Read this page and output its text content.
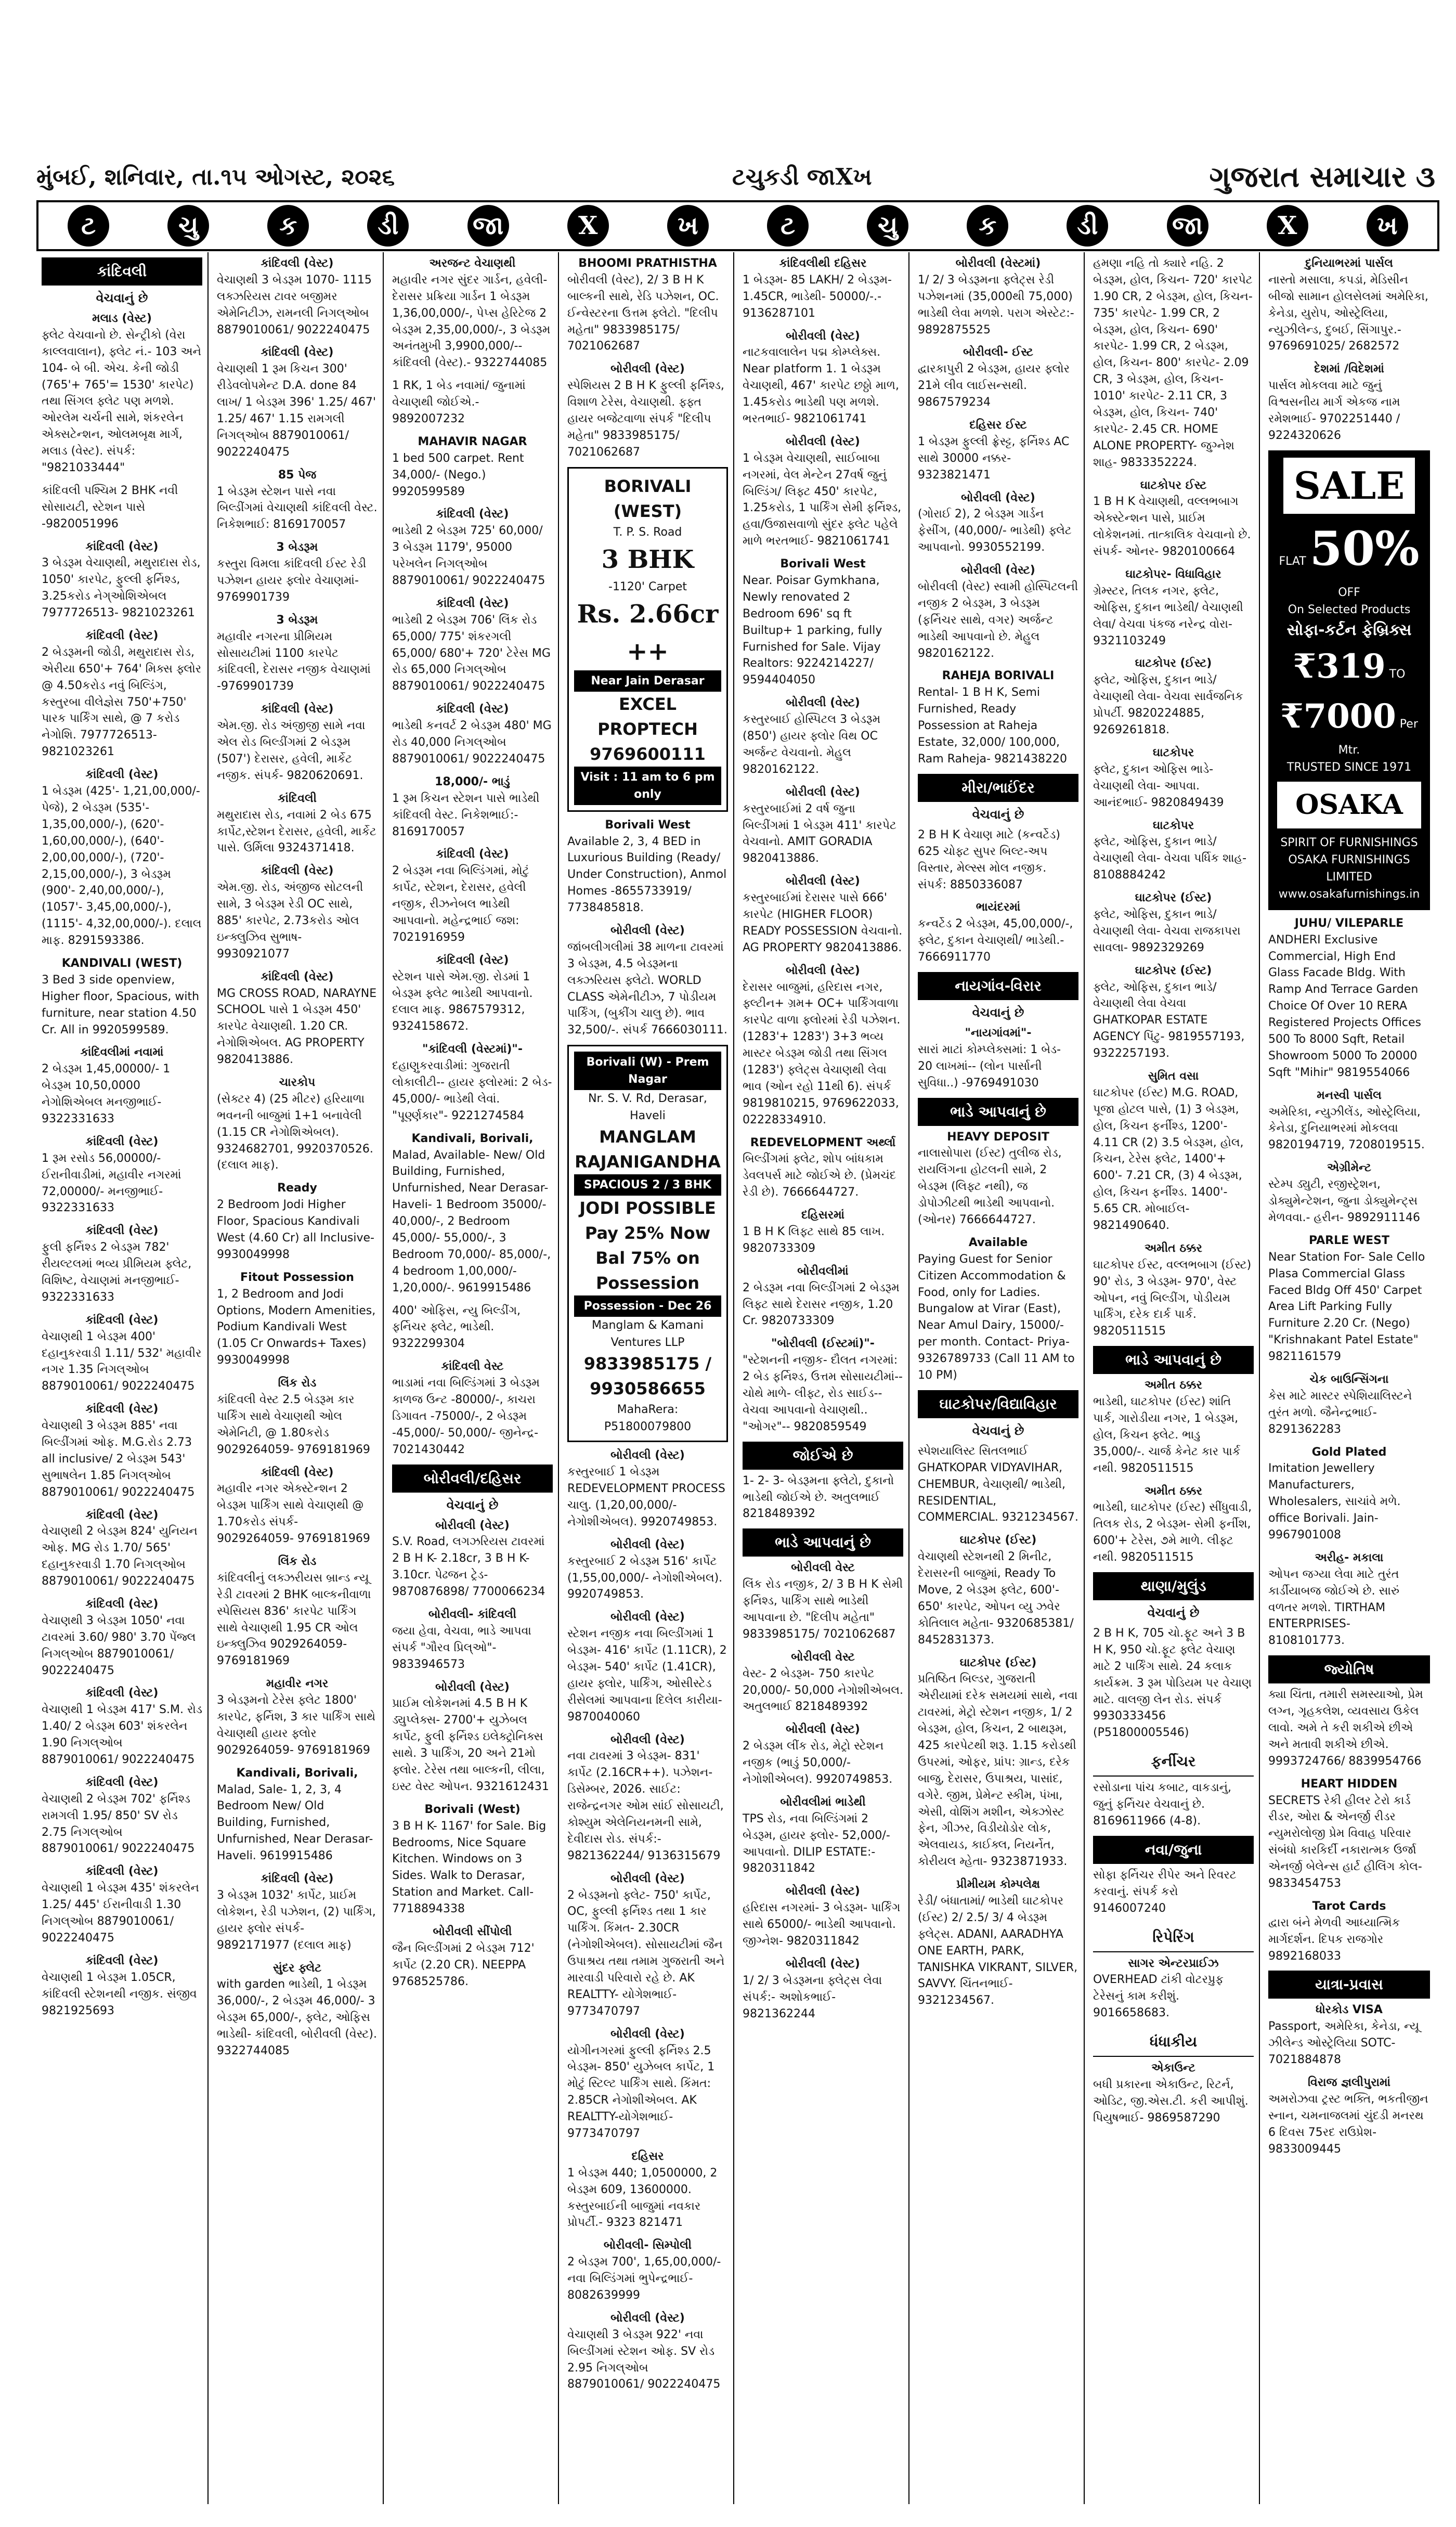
મુંબઈ, શનિવાર, તા.૧૫ ઓગસ્ટ, ૨૦૨૬	ટચુકડી જાXખ	ગુજરાત સમાચાર ૩
ટ	ચુ	ક	ડી	જા	X	ખ	ટ	ચુ	ક	ડી	જા	X	ખ
કાંદિવલી
વેચવાનું છે
મલાડ (વેસ્ટ)
ફ્લેટ વેચવાનો છે. સેન્ટ્રીકો (વેરા કાલ્લવાલાન), ફ્લેટ નં.- 103 અને 104- બે બી. એચ. કેની જોડી (765'+ 765'= 1530' કારપેટ) તથા સિંગલ ફ્લેટ પણ મળશે. ઓરલેમ ચર્ચની સામે, શંકરલેન એક્સટેન્શન, ઓલમબૃક્ષ માર્ગ, મલાડ (વેસ્ટ). સંપર્ક: "9821033444"
કાંદિવલી પશ્ચિમ 2 BHK નવી સોસાયટી, સ્ટેશન પાસે -9820051996
કાંદિવલી (વેસ્ટ)
3 બેડરૂમ વેચાણથી, મથુરાદાસ રોડ, 1050' કારપેટ, ફુલ્લી ફર્નિશ્ડ, 3.25કરોડ નેગ્ઓશિએબલ 7977726513- 9821023261
કાંદિવલી (વેસ્ટ)
2 બેડરૂમની જોડી, મથુરાદાસ રોડ, એરીયા 650'+ 764' મિક્સ ફ્લોર @ 4.50કરોડ નવું બિલ્ડિંગ, કસ્તુરબા વીલેજ્ઞેસ 750'+750' પારક પાર્કિંગ સાથે, @ 7 કરોડ નેગોશિ. 7977726513- 9821023261
કાંદિવલી (વેસ્ટ)
1 બેડરૂમ (425'- 1,21,00,000/- પેજે), 2 બેડરૂમ (535'- 1,35,00,000/-), (620'- 1,60,00,000/-), (640'- 2,00,00,000/-), (720'- 2,15,00,000/-), 3 બેડરૂમ (900'- 2,40,00,000/-), (1057'- 3,45,00,000/-), (1115'- 4,32,00,000/-). દલાલ માફ. 8291593386.
KANDIVALI (WEST)
3 Bed 3 side openview, Higher floor, Spacious, with furniture, near station 4.50 Cr. All in 9920599589.
કાંદિવલીમાં નવામાં
2 બેડરૂમ 1,45,00000/- 1 બેડરૂમ 10,50,0000 નેગોશિએબલ મનજીભાઈ- 9322331633
કાંદિવલી (વેસ્ટ)
1 રૂમ રસોડ 56,00000/- ઈરાનીવાડીમાં, મહાવીર નગરમાં 72,00000/- મનજીભાઈ- 9322331633
કાંદિવલી (વેસ્ટ)
ફુલી ફર્નિશ્ડ 2 બેડરૂમ 782' રીયલ્ટલમાં ભવ્ય પ્રીમિયમ ફ્લેટ, વિશિષ્ટ, વેચાણમાં મનજીભાઈ- 9322331633
કાંદિવલી (વેસ્ટ)
વેચાણથી 1 બેડરૂમ 400' દહાનુકરવાડી 1.11/ 532' મહાવીર નગર 1.35 નિગલ્ઓબ 8879010061/ 9022240475
કાંદિવલી (વેસ્ટ)
વેચાણથી 3 બેડરૂમ 885' નવા બિલ્ડીંગમાં ઓફ. M.G.રોડ 2.73 all inclusive/ 2 બેડરૂમ 543' સુભાષલેન 1.85 નિગલ્ઓબ 8879010061/ 9022240475
કાંદિવલી (વેસ્ટ)
વેચાણથી 2 બેડરૂમ 824' યુનિયન ઓફ. MG રોડ 1.70/ 565' દહાનુકરવાડી 1.70 નિગલ્ઓબ 8879010061/ 9022240475
કાંદિવલી (વેસ્ટ)
વેચાણથી 3 બેડરૂમ 1050' નવા ટાવરમાં 3.60/ 980' 3.70 પેંજ્લ નિગલ્ઓબ 8879010061/ 9022240475
કાંદિવલી (વેસ્ટ)
વેચાણથી 1 બેડરૂમ 417' S.M. રોડ 1.40/ 2 બેડરૂમ 603' શંકરલેન 1.90 નિગલ્ઓબ 8879010061/ 9022240475
કાંદિવલી (વેસ્ટ)
વેચાણથી 2 બેડરૂમ 702' ફર્નિશ્ડ રામગલી 1.95/ 850' SV રોડ 2.75 નિગલ્ઓબ 8879010061/ 9022240475
કાંદિવલી (વેસ્ટ)
વેચાણથી 1 બેડરૂમ 435' શંકરલેન 1.25/ 445' ઈરાનીવાડી 1.30 નિગલ્ઓબ 8879010061/ 9022240475
કાંદિવલી (વેસ્ટ)
વેચાણથી 1 બેડરૂમ 1.05CR, કાંદિવલી સ્ટેશનથી નજીક. સંજીવ 9821925693
કાંદિવલી (વેસ્ટ)
વેચાણથી 3 બેડરૂમ 1070- 1115 લક્ઝરિયસ ટાવર બજીમર એમેનિટીઝ, રામનલી નિગલ્ઓબ 8879010061/ 9022240475
કાંદિવલી (વેસ્ટ)
વેચાણથી 1 રૂમ કિચન 300' રીડેવલોપમેન્ટ D.A. done 84 લાખ/ 1 બેડરૂમ 396' 1.25/ 467' 1.25/ 467' 1.15 રામગલી નિગલ્ઓબ 8879010061/ 9022240475
85 પેજ
1 બેડરૂમ સ્ટેશન પાસે નવા બિલ્ડીંગમાં વેચાણથી કાંદિવલી વેસ્ટ. નિકેશભાઈ: 8169170057
3 બેડરૂમ
કસ્તુરા વિમલા કાંદિવલી ઈસ્ટ રેડી પઝેશન હાયર ફ્લોર વેચાણમાં- 9769901739
3 બેડરૂમ
મહાવીર નગરના પ્રીમિયમ સોસાયટીમાં 1100 કારપેટ કાંદિવલી, દેરાસર નજીક વેચાણમાં -9769901739
કાંદિવલી (વેસ્ટ)
એમ.જી. રોડ અંજીજી સામે નવા એલ રોડ બિલ્ડીંગમાં 2 બેડરૂમ (507') દેરાસર, હવેલી, માર્કેટ નજીક. સંપર્ક- 9820620691.
કાંદિવલી
મથુરાદાસ રોડ, નવામાં 2 બેડ 675 કાર્પેટ,સ્ટેશન દેરાસર, હવેલી, માર્કેટ પાસે. ઉર્મિલા 9324371418.
કાંદિવલી (વેસ્ટ)
એમ.જી. રોડ, અંજીજ સોટલની સામે, 3 બેડરૂમ રેડી OC સાથે, 885' કારપેટ, 2.73કરોડ ઓલ ઇન્ક્લુઝિવ સુભાષ- 9930921077
કાંદિવલી (વેસ્ટ)
MG CROSS ROAD, NARAYNE SCHOOL પાસે 1 બેડરૂમ 450' કારપેટ વેચાણથી. 1.20 CR. નેગોશિએબલ. AG PROPERTY 9820413886.
ચારકોપ
(સેક્ટર 4) (25 મીટર) હરિયાળા ભવનની બાજુમાં 1+1 બનાવેલી (1.15 CR નેગોશિએબલ). 9324682701, 9920370526. (દલાલ માફ).
Ready
2 Bedroom Jodi Higher Floor, Spacious Kandivali West (4.60 Cr) all Inclusive- 9930049998
Fitout Possession
1, 2 Bedroom and Jodi Options, Modern Amenities, Podium Kandivali West (1.05 Cr Onwards+ Taxes) 9930049998
લિંક રોડ
કાંદિવલી વેસ્ટ 2.5 બેડરૂમ કાર પાર્કિંગ સાથે વેચાણથી ઓલ એમેનિટી, @ 1.80કરોડ 9029264059- 9769181969
કાંદિવલી (વેસ્ટ)
મહાવીર નગર એક્સ્ટેન્શન 2 બેડરૂમ પાર્કિંગ સાથે વેચાણથી @ 1.70કરોડ સંપર્ક- 9029264059- 9769181969
લિંક રોડ
કાંદિવલીનું લક્ઝરીયસ બ્રાન્ડ ન્યૂ રેડી ટાવરમાં 2 BHK બાલ્કનીવાળા સ્પેસિયસ 836' કારપેટ પાર્કિંગ સાથે વેચાણથી 1.95 CR ઓલ ઇન્ક્લુઝિવ 9029264059- 9769181969
મહાવીર નગર
3 બેડરૂમનો ટેરેસ ફ્લેટ 1800' કારપેટ, ફર્નિશ, 3 કાર પાર્કિંગ સાથે વેચાણથી હાયર ફ્લોર 9029264059- 9769181969
Kandivali, Borivali,
Malad, Sale- 1, 2, 3, 4 Bedroom New/ Old Building, Furnished, Unfurnished, Near Derasar- Haveli. 9619915486
કાંદિવલી (વેસ્ટ)
3 બેડરૂમ 1032' કાર્પેટ, પ્રાઈમ લોકેશન, રેડી પઝેશન, (2) પાર્કિંગ, હાયર ફ્લોર સંપર્ક- 9892171977 (દલાલ માફ)
સુંદર ફ્લેટ
with garden ભાડેથી, 1 બેડરૂમ 36,000/-, 2 બેડરૂમ 46,000/- 3 બેડરૂમ 65,000/-, ફ્લેટ, ઓફિસ ભાડેથી- કાંદિવલી, બોરીવલી (વેસ્ટ). 9322744085
અરજન્ટ વેચાણથી
મહાવીર નગર સુંદર ગાર્ડન, હવેલી- દેરાસર પ્રક્રિયા ગાર્ડન 1 બેડરૂમ 1,36,00,000/-, પેપ્સ હેરિટેજ 2 બેડરૂમ 2,35,00,000/-, 3 બેડરૂમ અનંતમુખી 3,9900,000/-- કાંદિવલી (વેસ્ટ).- 9322744085
1 RK, 1 બેડ નવામાં/ જુનામાં વેચાણથી જોઈએ.- 9892007232
MAHAVIR NAGAR
1 bed 500 carpet. Rent 34,000/- (Nego.) 9920599589
કાંદિવલી (વેસ્ટ)
ભાડેથી 2 બેડરૂમ 725' 60,000/ 3 બેડરૂમ 1179', 95000 પરેખલેન નિગલ્ઓબ 8879010061/ 9022240475
કાંદિવલી (વેસ્ટ)
ભાડેથી 2 બેડરૂમ 706' લિંક રોડ 65,000/ 775' શંકરગલી 65,000/ 680'+ 720' ટેરેસ MG રોડ 65,000 નિગલ્ઓબ 8879010061/ 9022240475
કાંદિવલી (વેસ્ટ)
ભાડેથી કનવર્ટ 2 બેડરૂમ 480' MG રોડ 40,000 નિગલ્ઓબ 8879010061/ 9022240475
18,000/- ભાડું
1 રૂમ કિચન સ્ટેશન પાસે ભાડેથી કાંદિવલી વેસ્ટ. નિકેશભાઈ:- 8169170057
કાંદિવલી (વેસ્ટ)
2 બેડરૂમ નવા બિલ્ડિંગમાં, મોટું કાર્પેટ, સ્ટેશન, દેરાસર, હવેલી નજીક, રીઝનેબલ ભાડેથી આપવાનો. મહેન્દ્રભાઈ જશ: 7021916959
કાંદિવલી (વેસ્ટ)
સ્ટેશન પાસે એમ.જી. રોડમાં 1 બેડરૂમ ફ્લેટ ભાડેથી આપવાનો. દલાલ માફ. 9867579312, 9324158672.
"કાંદિવલી (વેસ્ટમાં)"-
દહાણુકરવાડીમાં: ગુજરાતી લોકાલીટી-- હાયર ફ્લોરમાં: 2 બેડ- 45,000/- ભાડેથી લેવાં. "પૂર્ણ્ણકાર"- 9221274584
Kandivali, Borivali,
Malad, Available- New/ Old Building, Furnished, Unfurnished, Near Derasar- Haveli- 1 Bedroom 35000/- 40,000/-, 2 Bedroom 45,000/- 55,000/-, 3 Bedroom 70,000/- 85,000/-, 4 bedroom 1,00,000/- 1,20,000/-. 9619915486
400' ઓફિસ, ન્યુ બિલ્ડીંગ, ફર્નિચર ફ્લેટ, ભાડેથી. 9322299304
કાંદિવલી વેસ્ટ
ભાડામાં નવા બિલ્ડિંગમાં 3 બેડરૂમ કાળજ ઉન્ટ -80000/-, કાચરા ડિગાવત -75000/-, 2 બેડરૂમ -45,000/- 50,000/- જીનેન્દ્ર- 7021430442
બોરીવલી/દહિસર
વેચવાનું છે
બોરીવલી (વેસ્ટ)
S.V. Road, લગઝરિયસ ટાવરમાં 2 B H K- 2.18cr, 3 B H K- 3.10cr. પેઢજન ટ્રેડ- 9870876898/ 7700066234
બોરીવલી- કાંદિવલી
જયા હેવા, વેચવા, ભાડે આપવા સંપર્ક "ગૌરવ પ્રિલ્ઓ"- 9833946573
બોરીવલી (વેસ્ટ)
પ્રાઈમ લોકેશનમાં 4.5 B H K ડ્યુપ્લેક્સ- 2700'+ યુઝેબલ કાર્પેટ, ફુલી ફર્નિશ્ડ ઇલેક્ટ્રોનિક્સ સાથે. 3 પાર્કિંગ, 20 અને 21મો ફ્લોર. ટેરેસ તથા બાલ્કની, લીલા, ઇસ્ટ વેસ્ટ ઓપન. 9321612431
Borivali (West)
3 B H K- 1167' for Sale. Big Bedrooms, Nice Square Kitchen. Windows on 3 Sides. Walk to Derasar, Station and Market. Call- 7718894338
બોરીવલી સીંપોલી
જૈન બિલ્ડીંગમાં 2 બેડરૂમ 712' કાર્પેટ (2.20 CR). NEEPPA 9768525786.
BHOOMI PRATHISTHA
બોરીવલી (વેસ્ટ), 2/ 3 B H K બાલ્કની સાથે, રેડિ પઝેશન, OC. ઈન્વેસ્ટરના ઉત્તમ ફ્લેટો. "દિલીપ મહેતા" 9833985175/ 7021062687
બોરીવલી (વેસ્ટ)
સ્પેશિયસ 2 B H K ફુલ્લી ફર્નિશ્ડ, વિશાળ ટેરેસ, વેચાણથી. ફ્ફ્ત હાયર બજેટવાળા સંપર્ક "દિલીપ મહેતા" 9833985175/ 7021062687
BORIVALI (WEST)
T. P. S. Road
3 BHK
-1120' Carpet
Rs. 2.66cr ++
Near Jain Derasar
EXCEL PROPTECH
9769600111
Visit : 11 am to 6 pm only
Borivali West
Available 2, 3, 4 BED in Luxurious Building (Ready/ Under Construction), Anmol Homes -8655733919/ 7738485818.
બોરીવલી (વેસ્ટ)
જાંબલીગલીમાં 38 માળના ટાવરમાં 3 બેડરૂમ, 4.5 બેડરૂમના લક્ઝરિયસ ફ્લેટો. WORLD CLASS એમેનીટીઝ, 7 પોડીયમ પાર્કિંગ, (બુકીંગ ચાલુ છે). ભાવ 32,500/-. સંપર્ક 7666030111.
Borivali (W) - Prem Nagar
Nr. S. V. Rd, Derasar, Haveli
MANGLAM RAJANIGANDHA
SPACIOUS 2 / 3 BHK
JODI POSSIBLE
Pay 25% Now
Bal 75% on Possession
Possession - Dec 26
Manglam & Kamani Ventures LLP
9833985175 / 9930586655
MahaRera: P51800079800
બોરીવલી (વેસ્ટ)
કસ્તુરબાઈ 1 બેડરૂમ REDEVELOPMENT PROCESS ચાલુ. (1,20,00,000/- નેગોશીએબલ). 9920749853.
બોરીવલી (વેસ્ટ)
કસ્તુરબાઈ 2 બેડરૂમ 516' કાર્પેટ (1,55,00,000/- નેગોશીએબલ). 9920749853.
બોરીવલી (વેસ્ટ)
સ્ટેશન નજીક નવા બિલ્ડીંગમાં 1 બેડરૂમ- 416' કાર્પેટ (1.11CR), 2 બેડરૂમ- 540' કાર્પેટ (1.41CR), હાયર ફ્લોર, પાર્કિંગ, ઓસીસ્ટેડ રીસેલમાં આપવાના દિલેલ કારીયા- 9870040060
બોરીવલી (વેસ્ટ)
નવા ટાવરમાં 3 બેડરૂમ- 831' કાર્પેટ (2.16CR++). પઝેશન- ડિસેમ્બર, 2026. સાઈટ: રાજેન્દ્રનગર ઓમ સાંઈ સોસાયટી, કોશ્યુમ એલેનિયનમની સામે, દેવીદાસ રોડ. સંપર્ક:- 9821362244/ 9136315679
બોરીવલી (વેસ્ટ)
2 બેડરૂમનો ફ્લેટ- 750' કાર્પેટ, OC, ફુલ્લી ફર્નિશ્ડ તથા 1 કાર પાર્કિંગ. કિંમત- 2.30CR (નેગોશીએબલ). સોસાયટીમાં જૈન ઉપાશ્રય તથા તમામ ગુજરાતી અને મારવાડી પરિવારો રહે છે. AK REALTTY- યોગેશભાઈ- 9773470797
બોરીવલી (વેસ્ટ)
યોગીનગરમાં ફુલ્લી ફર્નિશ્ડ 2.5 બેડરૂમ- 850' યુઝેબલ કાર્પેટ, 1 મોટું સ્ટિલ્ટ પાર્કિંગ સાથે. કિંમત: 2.85CR નેગોશીએબલ. AK REALTTY-યોગેશભાઈ- 9773470797
દહિસર
1 બેડરૂમ 440; 1,0500000, 2 બેડરૂમ 609, 13600000. કસ્તુરબાઈની બાજુમાં નવકાર પ્રોપર્ટી.- 9323 821471
બોરીવલી- સિમ્પોલી
2 બેડરૂમ 700', 1,65,00,000/- નવા બિલ્ડિંગમાં ભુપેન્દ્રભાઈ- 8082639999
બોરીવલી (વેસ્ટ)
વેચાણથી 3 બેડરૂમ 922' નવા બિલ્ડીંગમાં સ્ટેશન ઓફ. SV રોડ 2.95 નિગલ્ઓબ 8879010061/ 9022240475
કાંદિવલીથી દહિસર
1 બેડરૂમ- 85 LAKH/ 2 બેડરૂમ- 1.45CR, ભાડેથી- 50000/-.- 9136287101
બોરીવલી (વેસ્ટ)
નાટકવાલાલેન પદ્મ કોમ્પ્લેક્સ. Near platform 1. 1 બેડરૂમ વેચાણથી, 467' કારપેટ છઠ્ઠો માળ, 1.45કરોડ ભાડેથી પણ મળશે. ભરતભાઈ- 9821061741
બોરીવલી (વેસ્ટ)
1 બેડરૂમ વેચાણથી, સાઈબાબા નગરમાં, વેલ મેન્ટેન 27વર્ષ જુનું બિલ્ડિંગ/ લિફ્ટ 450' કારપેટ, 1.25કરોડ, 1 પાર્કિંગ સેમી ફર્નિશ્ડ, હવા/ઉજાસવાળો સુંદર ફ્લેટ પહેલે માળે ભરતભાઈ- 9821061741
Borivali West
Near. Poisar Gymkhana, Newly renovated 2 Bedroom 696' sq ft Builtup+ 1 parking, fully Furnished for Sale. Vijay Realtors: 9224214227/ 9594404050
બોરીવલી (વેસ્ટ)
કસ્તુરબાઈ હોસ્પિટલ 3 બેડરૂમ (850') હાયર ફ્લોર વિથ OC અર્જન્ટ વેચવાનો. મેહુલ 9820162122.
બોરીવલી (વેસ્ટ)
કસ્તુરબાઈમાં 2 વર્ષ જુના બિલ્ડીંગમાં 1 બેડરૂમ 411' કારપેટ વેચવાનો. AMIT GORADIA 9820413886.
બોરીવલી (વેસ્ટ)
કસ્તુરબાઈમાં દેરાસર પાસે 666' કારપેટ (HIGHER FLOOR) READY POSSESSION વેચવાનો. AG PROPERTY 9820413886.
બોરીવલી (વેસ્ટ)
દેરાસર બાજુમાં, હરિદાસ નગર, ફ્લ્ટીન+ ગ્રમ+ OC+ પાર્કિંગવાળા કારપેટ વાળા ફ્લોરમાં રેડી પઝેશન. (1283'+ 1283') 3+3 ભવ્ય માસ્ટર બેડરૂમ જોડી તથા સિંગલ (1283') ફ્લેટ્સ વેચાણથી લેવા ભાવ (ઓન રહો 11થી 6). સંપર્ક 9819810215, 9769622033, 02228334910.
REDEVELOPMENT અર્થ્લા
બિલ્ડીંગમાં ફ્લેટ, શોપ બાંધકામ ડેવલપર્સ માટે જોઈએ છે. (પ્રેમચંદ રેડી છે). 7666644727.
દહિસરમાં
1 B H K લિફ્ટ સાથે 85 લાખ. 9820733309
બોરીવલીમાં
2 બેડરૂમ નવા બિલ્ડીંગમાં 2 બેડરૂમ લિફ્ટ સાથે દેરાસર નજીક, 1.20 Cr. 9820733309
"બોરીવલી (ઈસ્ટમાં)"-
"સ્ટેશનની નજીક- દૌલત નગરમાં: 2 બેડ ફર્નિશ્ડ, ઉત્તમ સોસાયટીમાં-- ચોથે માળે- લીફ્ટ, રોડ સાઈડ-- વેચવા આપવાનો વેચાણથી.. "ઓગર"-- 9820859549
જોઈએ છે
1- 2- 3- બેડરૂમના ફ્લેટો, દુકાનો ભાડેથી જોઈએ છે. અતુલભાઈ 8218489392
ભાડે આપવાનું છે
બોરીવલી વેસ્ટ
લિંક રોડ નજીક, 2/ 3 B H K સેમી ફર્નિશ્ડ, પાર્કિંગ સાથે ભાડેથી આપવાના છે. "દિલીપ મહેતા" 9833985175/ 7021062687
બોરીવલી વેસ્ટ
વેસ્ટ- 2 બેડરૂમ- 750 કારપેટ 20,000/- 50,000 નેગોશીએબલ. અતુલભાઈ 8218489392
બોરીવલી (વેસ્ટ)
2 બેડરૂમ લીંક રોડ, મેટ્રો સ્ટેશન નજીક (ભાડું 50,000/- નેગોશીએબલ). 9920749853.
બોરીવલીમાં ભાડેથી
TPS રોડ, નવા બિલ્ડિંગમાં 2 બેડરૂમ, હાયર ફ્લોર- 52,000/- આપવાનો. DILIP ESTATE:- 9820311842
બોરીવલી (વેસ્ટ)
હરિદાસ નગરમાં- 3 બેડરૂમ- પાર્કિંગ સાથે 65000/- ભાડેથી આપવાનો. જીગ્નેશ- 9820311842
બોરીવલી (વેસ્ટ)
1/ 2/ 3 બેડરૂમના ફ્લેટ્સ લેવા સંપર્ક:- અશોકભાઈ- 9821362244
બોરીવલી (વેસ્ટમાં)
1/ 2/ 3 બેડરૂમના ફ્લેટ્સ રેડી પઝેશનમાં (35,000થી 75,000) ભાડેથી લેવા મળશે. પરાગ એસ્ટેટ:- 9892875525
બોરીવલી- ઈસ્ટ
દ્વારકાપુરી 2 બેડરૂમ, હાયર ફ્લોર 21મે લીવ લાઈસન્સથી. 9867579234
દહિસર ઈસ્ટ
1 બેડરૂમ ફુલ્લી ફ્રેસ્ટ્ટ, ફર્નિશ્ડ AC સાથે 30000 નક્કર- 9323821471
બોરીવલી (વેસ્ટ)
(ગોરાઈ 2), 2 બેડરૂમ ગાર્ડન ફેસીંગ, (40,000/- ભાડેથી) ફ્લેટ આપવાનો. 9930552199.
બોરીવલી (વેસ્ટ)
બોરીવલી (વેસ્ટ) સ્વામી હોસ્પિટલની નજીક 2 બેડરૂમ, 3 બેડરૂમ (ફર્નિચર સાથે, વગર) અર્જન્ટ ભાડેથી આપવાનો છે. મેહુલ 9820162122.
RAHEJA BORIVALI
Rental- 1 B H K, Semi Furnished, Ready Possession at Raheja Estate, 32,000/ 100,000, Ram Raheja- 9821438220
મીરા/ભાઈંદર
વેચવાનું છે
2 B H K વેચાણ માટે (કન્વર્ટેડ) 625 ચોફ્ટ સુપર બિલ્ટ-અપ વિસ્તાર, મેલ્સ્સ મોલ નજીક. સંપર્ક: 8850336087
ભાયંદરમાં
કન્વર્ટેડ 2 બેડરૂમ, 45,00,000/-, ફ્લેટ, દુકાન વેચાણથી/ ભાડેથી.- 7666911770
નાયગાંવ-વિરાર
વેચવાનું છે
"નાયગાંવમાં"-
સારાં માટાં કોમ્પ્લેક્સમાં: 1 બેડ- 20 લાખમાં-- (લોન પાર્સાની સુવિધા..) -9769491030
ભાડે આપવાનું છે
HEAVY DEPOSIT
નાલાસોપારા (ઈસ્ટ) તુલીજ રોડ, રાયલિંગના હોટલની સામે, 2 બેડરૂમ (લિફ્ટ નથી), જ ડોપોઝીટથી ભાડેથી આપવાનો. (ઓનર) 7666644727.
Available
Paying Guest for Senior Citizen Accommodation & Food, only for Ladies. Bungalow at Virar (East), Near Amul Dairy, 15000/- per month. Contact- Priya- 9326789733 (Call 11 AM to 10 PM)
ઘાટકોપર/વિદ્યાવિહાર
વેચવાનું છે
સ્પેશયાલિસ્ટ સિતલભાઈ GHATKOPAR VIDYAVIHAR, CHEMBUR, વેચાણથી/ ભાડેથી, RESIDENTIAL, COMMERCIAL. 9321234567.
ઘાટકોપર (ઈસ્ટ)
વેચાણથી સ્ટેશનથી 2 મિનીટ, દેરાસરની બાજુમાં, Ready To Move, 2 બેડરૂમ ફ્લેટ, 600'- 650' કારપેટ, ઓપન વ્યુ ઝવેર કોતિલાલ મહેતા- 9320685381/ 8452831373.
ઘાટકોપર (ઈસ્ટ)
પ્રતિષ્ઠિત બિલ્ડર, ગુજરાતી એરીયામાં દરેક સમયમાં સાથે, નવા ટાવરમાં, મેટ્રો સ્ટેશન નજીક, 1/ 2 બેડરૂમ, હોલ, કિચન, 2 બાથરૂમ, 425 કારપેટથી શરૂ. 1.15 કરોડથી ઉપરમાં, ઓફર, પ્રાંપ: ગ્રાન્ડ, દરેક બાજુ, દેરાસર, ઉપાશ્રય, પાસાંદ, વગેરે. જીમ, પ્રેમેન્ટ સ્કીમ, પંખા, એસી, વોશિંગ મશીન, એક્ઝોસ્ટ ફેન, ગીઝર, વિડીયોડોર લોક, એલવાયડ, કાઈક્લ, નિયર્નેત, કોરીયલ મ્હેતા- 9323871933.
પ્રીમીયમ કોમ્પલેક્ષ
રેડી/ બંધાતામાં/ ભાડેથી ઘાટકોપર (ઈસ્ટ) 2/ 2.5/ 3/ 4 બેડરૂમ ફ્લેટ્સ. ADANI, AARADHYA ONE EARTH, PARK, TANISHKA VIKRANT, SILVER, SAVVY. ચિંતનભાઈ- 9321234567.
હમણા નહિ તો ક્યારે નહિ. 2 બેડરૂમ, હોલ, કિચન- 720' કારપેટ 1.90 CR, 2 બેડરૂમ, હોલ, કિચન- 735' કારપેટ- 1.99 CR, 2 બેડરૂમ, હોલ, કિચન- 690' કારપેટ- 1.99 CR, 2 બેડરૂમ, હોલ, કિચન- 800' કારપેટ- 2.09 CR, 3 બેડરૂમ, હોલ, કિચન- 1010' કારપેટ- 2.11 CR, 3 બેડરૂમ, હોલ, કિચન- 740' કારપેટ- 2.45 CR. HOME ALONE PROPERTY- જુગ્નેશ શાહ- 9833352224.
ઘાટકોપર ઈસ્ટ
1 B H K વેચાણથી, વલ્લભબાગ એક્સ્ટેન્શન પાસે, પ્રાઈમ લોકેશનમાં. તાત્કાલિક વેચવાનો છે. સંપર્ક- ઓનર- 9820100664
ઘાટકોપર- વિધાવિહાર
ગ્રેમ્સ્ટર, તિલક નગર, ફ્લેટ, ઓફિસ, દુકાન ભાડેથી/ વેચાણથી લેવા/ વેચવા પંકજ નરેન્દ્ર વોરા- 9321103249
ઘાટકોપર (ઈસ્ટ)
ફ્લેટ, ઓફિસ, દુકાન ભાડે/ વેચાણથી લેવા- વેચવા સાર્વજનિક પ્રોપર્ટી. 9820224885, 9269261818.
ઘાટકોપર
ફ્લેટ, દુકાન ઓફિસ ભાડે- વેચાણથી લેવા- આપવા. આનંદભાઈ- 9820849439
ઘાટકોપર
ફ્લેટ, ઓફિસ, દુકાન ભાડે/ વેચાણથી લેવા- વેચવા પર્ધિક શાહ- 8108884242
ઘાટકોપર (ઈસ્ટ)
ફ્લેટ, ઓફિસ, દુકાન ભાડે/ વેચાણથી લેવા- વેચવા રાજકાપરા સાવલા- 9892329269
ઘાટકોપર (ઈસ્ટ)
ફ્લેટ, ઓફિસ, દુકાન ભાડે/ વેચાણથી લેવા વેચવા GHATKOPAR ESTATE AGENCY પિંટુ- 9819557193, 9322257193.
સુમિત વસા
ઘાટકોપર (ઈસ્ટ) M.G. ROAD, પૂજા હોટલ પાસે, (1) 3 બેડરૂમ, હોલ, કિચન ફર્નીશ્ડ, 1200'- 4.11 CR (2) 3.5 બેડરૂમ, હોલ, કિચન, ટેરેસ ફ્લેટ, 1400'+ 600'- 7.21 CR, (3) 4 બેડરૂમ, હોલ, કિચન ફર્નીશ્ડ. 1400'- 5.65 CR. મોબાઈલ- 9821490640.
અમીત ઠક્કર
ઘાટકોપર ઈસ્ટ, વલ્લભબાગ (ઈસ્ટ) 90' રોડ, 3 બેડરૂમ- 970', વેસ્ટ ઓપન, નવું બિલ્ડીંગ, પોડીયમ પાર્કિંગ, દરેક દાર્ક પાર્ક. 9820511515
ભાડે આપવાનું છે
અમીત ઠક્કર
ભાડેથી, ઘાટકોપર (ઈસ્ટ) શાંતિ પાર્ક, ગારોડીયા નગર, 1 બેડરૂમ, હોલ, કિચન ફ્લેટ. ભાડુ 35,000/-. ચાર્જ કેનેટ કાર પાર્ક નથી. 9820511515
અમીત ઠક્કર
ભાડેથી, ઘાટકોપર (ઈસ્ટ) સીંધુવાડી, તિલક રોડ, 2 બેડરૂમ- સેમી ફર્નીશ, 600'+ ટેરેસ, ૭મે માળે. લીફ્ટ નથી. 9820511515
થાણા/મુલુંડ
વેચવાનું છે
2 B H K, 705 ચો.ફૂટ અને 3 B H K, 950 ચો.ફૂટ ફ્લેટ વેચાણ માટે 2 પાર્કિંગ સાથે. 24 કલાક કાર્યક્રમ. 3 રૂમ પોડિયમ પર વેચાણ માટે. વાલજી લેન રોડ. સંપર્ક 9930333456 (P51800005546)
ફર્નીચર
રસોડાના પાંચ કબાટ, વાકડાનું, જુનું ફર્નિચર વેચવાનું છે. 8169611966 (4-8).
નવા/જુના
સોફા ફર્નિચર રીપેર અને રિવરટ કરવાનું. સંપર્ક કરો 9146007240
રિપેરિંગ
સાગર એન્ટરપ્રાઈઝ
OVERHEAD ટાંકી વોટરપ્રુફ ટેરેસનું કામ કરીશું. 9016658683.
ધંધાકીય
એકાઉન્ટ
બધી પ્રકારના એકાઉન્ટ, રિટર્ન, ઓડિટ, જી.એસ.ટી. કરી આપીશું. પિયુષભાઈ- 9869587290
દુનિયાભરમાં પાર્સલ
નાસ્તો મસાલા, કપડાં, મેડિસીન બીજો સામાન હોલસેલમાં અમેરિકા, કેનેડા, યુરોપ, ઓસ્ટ્રેલિયા, ન્યુઝીલેન્ડ, દુબઈ, સિંગાપુર.- 9769691025/ 2682572
દેશમાં /વિદેશમાં
પાર્સલ મોકલવા માટે જુનું વિશ્વસનીય માર્ગ એકજ નામ રમેશભાઈ- 9702251440 / 9224320626
SALE FLAT 50% OFF
On Selected Products
સોફા-કર્ટન ફેબ્રિક્સ
₹319 TO ₹7000 Per Mtr.
TRUSTED SINCE 1971
OSAKA
SPIRIT OF FURNISHINGS
OSAKA FURNISHINGS LIMITED
www.osakafurnishings.in
JUHU/ VILEPARLE
ANDHERI Exclusive Commercial, High End Glass Facade Bldg. With Ramp And Terrace Garden Choice Of Over 10 RERA Registered Projects Offices 500 To 8000 Sqft, Retail Showroom 5000 To 20000 Sqft "Mihir" 9819554066
મનસ્વી પાર્સલ
અમેરિકા, ન્યુઝીલેંડ, ઓસ્ટ્રેલિયા, કેનેડા, દુનિયાભરમાં મોકલવા 9820194719, 7208019515.
એગ્રીમેન્ટ
સ્ટેમ્પ ડ્યુટી, રજીસ્ટ્રેશન, ડોક્યુમેન્ટેશન, જુના ડોક્યુમેન્ટ્સ મેળવવા.- હરીન- 9892911146
PARLE WEST
Near Station For- Sale Cello Plasa Commercial Glass Faced Bldg Off 450' Carpet Area Lift Parking Fully Furniture 2.20 Cr. (Nego) "Krishnakant Patel Estate" 9821161579
ચેક બાઉન્સિંગના
કેસ માટે માસ્ટર સ્પેશિયાલિસ્ટને તુરંત મળો. જૈનેન્દ્રભાઈ- 8291362283
Gold Plated
Imitation Jewellery Manufacturers, Wholesalers, સાચાંવે મળે. office Borivali. Jain- 9967901008
અરીહ- મકાલા
ઓપન જગ્યા લેવા માટે તુરંત કાર્ડીયાબજ જોઈએ છે. સારું વળતર મળશે. TIRTHAM ENTERPRISES- 8108101773.
જ્યોતિષ
ક્યા ચિંતા, તમારી સમસ્યાઓ, પ્રેમ લગ્ન, ગૃહકલેશ, વ્યવસાય ઉકેલ લાવો. અમે તે કરી શકીએ છીએ અને મતાવી શકીએ છીએ. 9993724766/ 8839954766
HEART HIDDEN
SECRETS રેકી હીલર ટેરો કાર્ડ રીડર, ઓરા & એનર્જી રીડર ન્યુમરોલોજી પ્રેમ વિવાહ પરિવાર સંબંધો કારકિર્દી નકારાત્મક ઉર્જા એનર્જી બેલેન્સ હાર્ટ હીલિંગ કોલ- 9833454753
Tarot Cards
દ્વારા બંને મેળવી આધ્યાત્મિક માર્ગદર્શન. દિપક રાજગોર 9892168033
યાત્રા-પ્રવાસ
ધોરકોડ VISA
Passport, અમેરિકા, કેનેડા, ન્યૂ ઝીલેન્ડ ઓસ્ટ્રેલિયા SOTC- 7021884878
વિરાજ જ્ઞલીપુરામાં
અમરોઝવા ટ્રસ્ટ ભક્તિ, ભકતીજીન સ્નાન, ચમનાજલમાં ચુંદડી મનરથ 6 દિવસ 75રદ રાઉપ્રેશ- 9833009445
